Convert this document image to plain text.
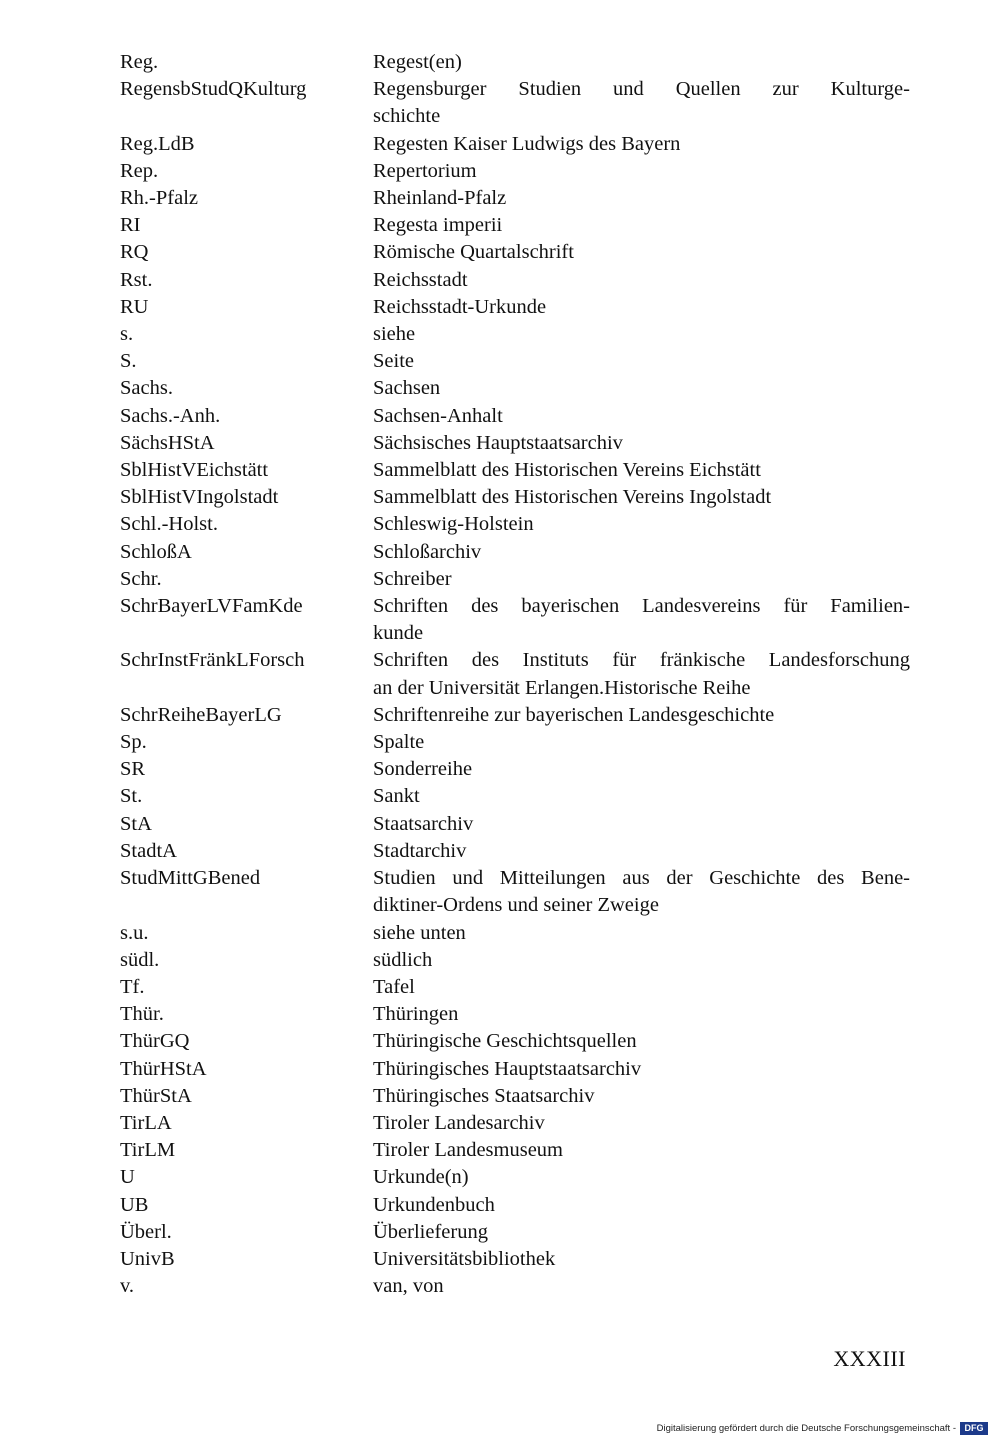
Reg.	Regest(en)
RegensbStudQKulturg	Regensburger Studien und Quellen zur Kulturge-
schichte
Reg.LdB	Regesten Kaiser Ludwigs des Bayern
Rep.	Repertorium
Rh.-Pfalz	Rheinland-Pfalz
RI	Regesta imperii
RQ	Römische Quartalschrift
Rst.	Reichsstadt
RU	Reichsstadt-Urkunde
s.	siehe
S.	Seite
Sachs.	Sachsen
Sachs.-Anh.	Sachsen-Anhalt
SächsHStA	Sächsisches Hauptstaatsarchiv
SblHistVEichstätt	Sammelblatt des Historischen Vereins Eichstätt
SblHistVIngolstadt	Sammelblatt des Historischen Vereins Ingolstadt
Schl.-Holst.	Schleswig-Holstein
SchloßA	Schloßarchiv
Schr.	Schreiber
SchrBayerLVFamKde	Schriften des bayerischen Landesvereins für Familien-
kunde
SchrInstFränkLForsch	Schriften des Instituts für fränkische Landesforschung
an der Universität Erlangen.Historische Reihe
SchrReiheBayerLG	Schriftenreihe zur bayerischen Landesgeschichte
Sp.	Spalte
SR	Sonderreihe
St.	Sankt
StA	Staatsarchiv
StadtA	Stadtarchiv
StudMittGBened	Studien und Mitteilungen aus der Geschichte des Bene-
diktiner-Ordens und seiner Zweige
s.u.	siehe unten
südl.	südlich
Tf.	Tafel
Thür.	Thüringen
ThürGQ	Thüringische Geschichtsquellen
ThürHStA	Thüringisches Hauptstaatsarchiv
ThürStA	Thüringisches Staatsarchiv
TirLA	Tiroler Landesarchiv
TirLM	Tiroler Landesmuseum
U	Urkunde(n)
UB	Urkundenbuch
Überl.	Überlieferung
UnivB	Universitätsbibliothek
v.	van, von
XXXIII
Digitalisierung gefördert durch die Deutsche Forschungsgemeinschaft - DFG
